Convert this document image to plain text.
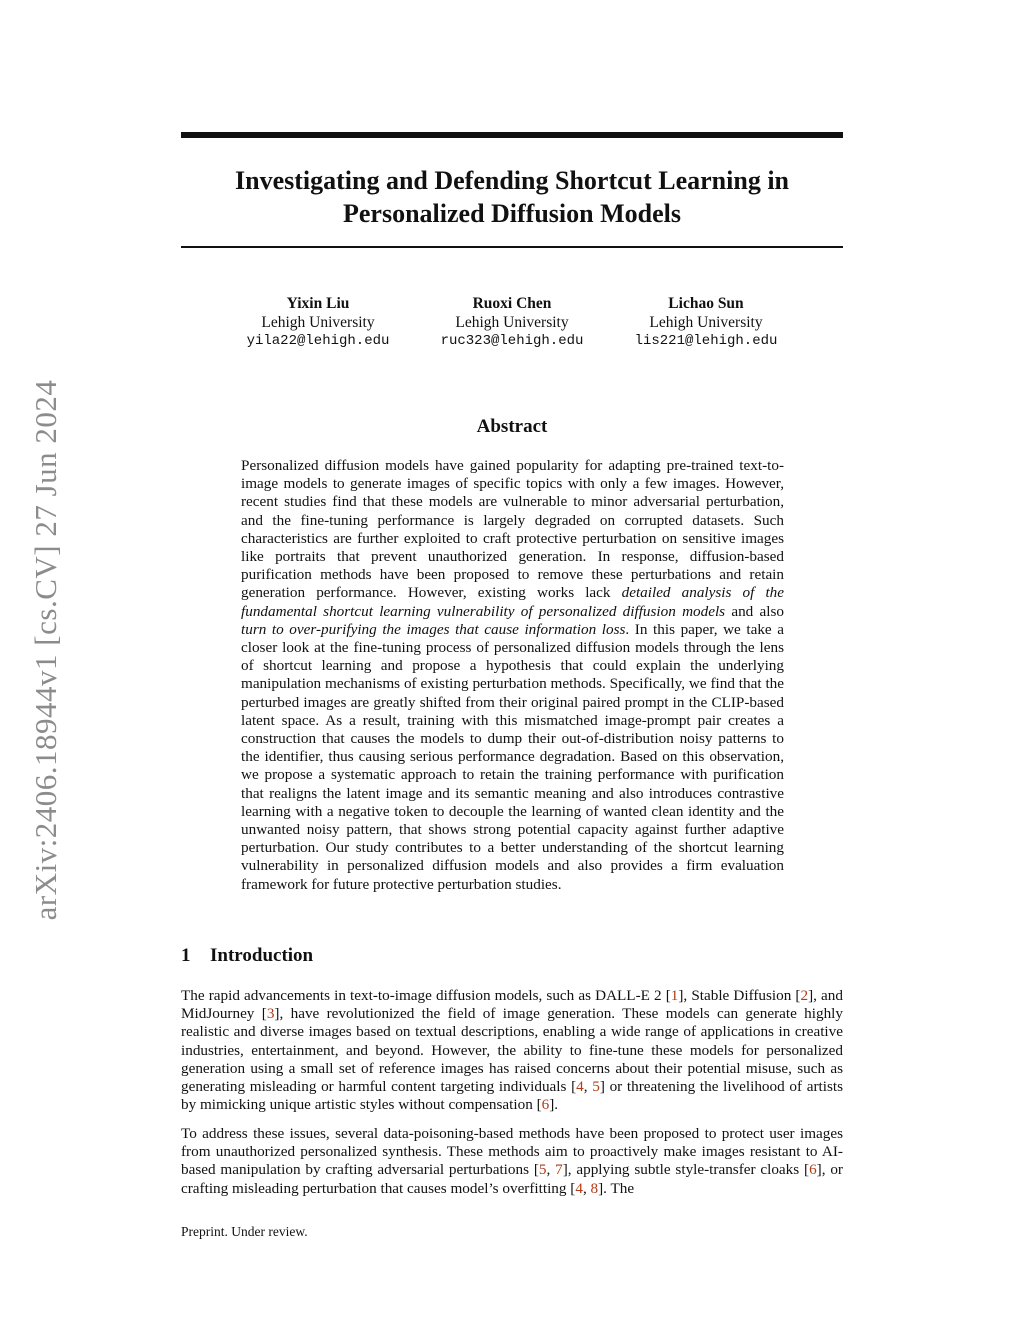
arXiv:2406.18944v1 [cs.CV] 27 Jun 2024
Investigating and Defending Shortcut Learning in
Personalized Diffusion Models
Yixin Liu
Lehigh University
yila22@lehigh.edu
Ruoxi Chen
Lehigh University
ruc323@lehigh.edu
Lichao Sun
Lehigh University
lis221@lehigh.edu
Abstract

Personalized diffusion models have gained popularity for adapting pre-trained text-to-image models to generate images of specific topics with only a few images. However, recent studies find that these models are vulnerable to minor adversarial perturbation, and the fine-tuning performance is largely degraded on corrupted datasets. Such characteristics are further exploited to craft protective perturbation on sensitive images like portraits that prevent unauthorized generation. In response, diffusion-based purification methods have been proposed to remove these perturbations and retain generation performance. However, existing works lack detailed analysis of the fundamental shortcut learning vulnerability of personalized diffusion models and also turn to over-purifying the images that cause information loss. In this paper, we take a closer look at the fine-tuning process of personalized diffusion models through the lens of shortcut learning and propose a hypothesis that could explain the underlying manipulation mechanisms of existing perturbation methods. Specifically, we find that the perturbed images are greatly shifted from their original paired prompt in the CLIP-based latent space. As a result, training with this mismatched image-prompt pair creates a construction that causes the models to dump their out-of-distribution noisy patterns to the identifier, thus causing serious performance degradation. Based on this observation, we propose a systematic approach to retain the training performance with purification that realigns the latent image and its semantic meaning and also introduces contrastive learning with a negative token to decouple the learning of wanted clean identity and the unwanted noisy pattern, that shows strong potential capacity against further adaptive perturbation. Our study contributes to a better understanding of the shortcut learning vulnerability in personalized diffusion models and also provides a firm evaluation framework for future protective perturbation studies.

1 Introduction

The rapid advancements in text-to-image diffusion models, such as DALL-E 2 [1], Stable Diffusion [2], and MidJourney [3], have revolutionized the field of image generation. These models can generate highly realistic and diverse images based on textual descriptions, enabling a wide range of applications in creative industries, entertainment, and beyond. However, the ability to fine-tune these models for personalized generation using a small set of reference images has raised concerns about their potential misuse, such as generating misleading or harmful content targeting individuals [4, 5] or threatening the livelihood of artists by mimicking unique artistic styles without compensation [6].

To address these issues, several data-poisoning-based methods have been proposed to protect user images from unauthorized personalized synthesis. These methods aim to proactively make images resistant to AI-based manipulation by crafting adversarial perturbations [5, 7], applying subtle style-transfer cloaks [6], or crafting misleading perturbation that causes model’s overfitting [4, 8]. The

Preprint. Under review.
